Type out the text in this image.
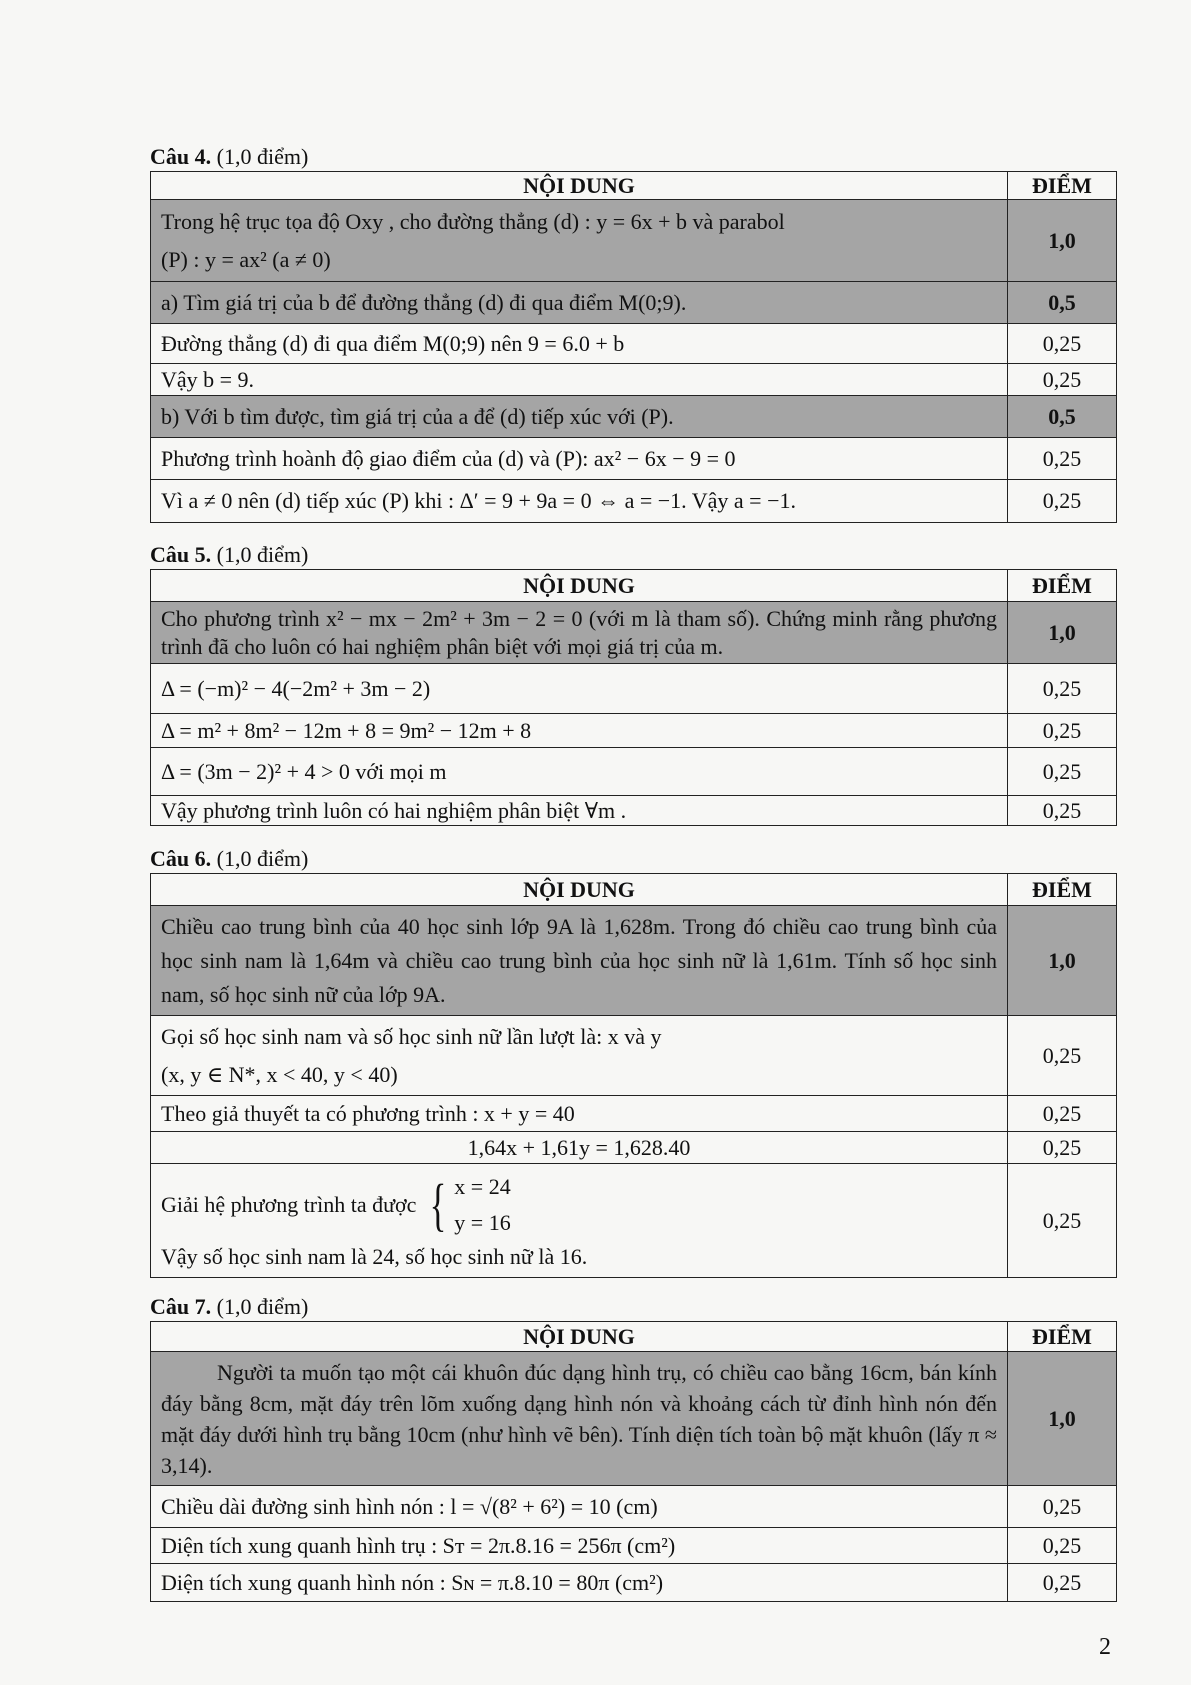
Câu 4. (1,0 điểm)
NỘI DUNG	ĐIỂM

Trong hệ trục tọa độ Oxy , cho đường thẳng (d) : y = 6x + b và parabol
(P) : y = ax² (a ≠ 0)	1,0
a) Tìm giá trị của b để đường thẳng (d) đi qua điểm M(0;9).	0,5
Đường thẳng (d) đi qua điểm M(0;9) nên 9 = 6.0 + b	0,25
Vậy b = 9.	0,25
b) Với b tìm được, tìm giá trị của a để (d) tiếp xúc với (P).	0,5
Phương trình hoành độ giao điểm của (d) và (P): ax² − 6x − 9 = 0	0,25
Vì a ≠ 0 nên (d) tiếp xúc (P) khi : Δ′ = 9 + 9a = 0 ⇔ a = −1. Vậy a = −1.	0,25
Câu 5. (1,0 điểm)
NỘI DUNG	ĐIỂM
Cho phương trình x² − mx − 2m² + 3m − 2 = 0 (với m là tham số). Chứng minh rằng phương trình đã cho luôn có hai nghiệm phân biệt với mọi giá trị của m.	1,0
Δ = (−m)² − 4(−2m² + 3m − 2)	0,25
Δ = m² + 8m² − 12m + 8 = 9m² − 12m + 8	0,25
Δ = (3m − 2)² + 4 > 0 với mọi m	0,25
Vậy phương trình luôn có hai nghiệm phân biệt ∀m .	0,25
Câu 6. (1,0 điểm)
NỘI DUNG	ĐIỂM
Chiều cao trung bình của 40 học sinh lớp 9A là 1,628m. Trong đó chiều cao trung bình của học sinh nam là 1,64m và chiều cao trung bình của học sinh nữ là 1,61m. Tính số học sinh nam, số học sinh nữ của lớp 9A.	1,0

Gọi số học sinh nam và số học sinh nữ lần lượt là: x và y
(x, y ∈ N*, x < 40, y < 40)	0,25
Theo giả thuyết ta có phương trình : x + y = 40	0,25
1,64x + 1,61y = 1,628.40	0,25

Giải hệ phương trình ta được { x = 24
y = 16
Vậy số học sinh nam là 24, số học sinh nữ là 16.	0,25
Câu 7. (1,0 điểm)
NỘI DUNG	ĐIỂM
Người ta muốn tạo một cái khuôn đúc dạng hình trụ, có chiều cao bằng 16cm, bán kính đáy bằng 8cm, mặt đáy trên lõm xuống dạng hình nón và khoảng cách từ đỉnh hình nón đến mặt đáy dưới hình trụ bằng 10cm (như hình vẽ bên). Tính diện tích toàn bộ mặt khuôn (lấy π ≈ 3,14).	1,0
Chiều dài đường sinh hình nón : l = √(8² + 6²) = 10 (cm)	0,25
Diện tích xung quanh hình trụ : Sᴛ = 2π.8.16 = 256π (cm²)	0,25
Diện tích xung quanh hình nón : Sɴ = π.8.10 = 80π (cm²)	0,25
2
